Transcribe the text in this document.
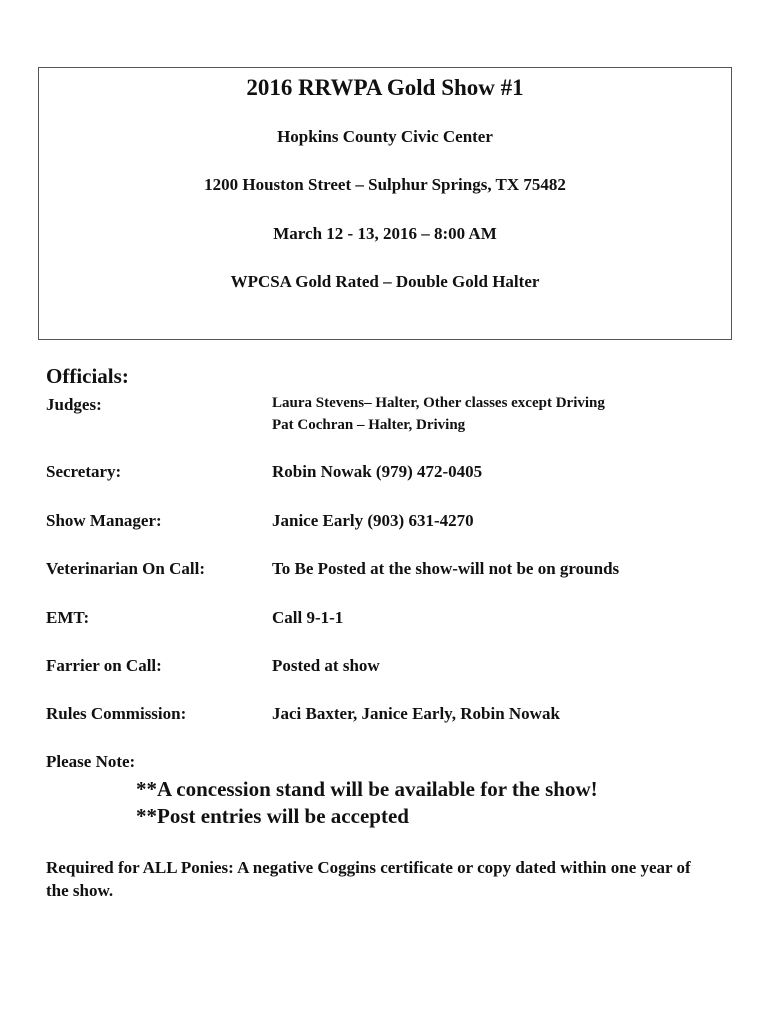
2016 RRWPA Gold Show #1
Hopkins County Civic Center
1200 Houston Street – Sulphur Springs, TX 75482
March 12 - 13, 2016 – 8:00 AM
WPCSA Gold Rated – Double Gold Halter
Officials:
Judges:	Laura Stevens– Halter, Other classes except Driving
Pat Cochran – Halter, Driving
Secretary:	Robin Nowak (979) 472-0405
Show Manager:	Janice Early (903) 631-4270
Veterinarian On Call:	To Be Posted at the show-will not be on grounds
EMT:	Call 9-1-1
Farrier on Call:	Posted at show
Rules Commission:	Jaci Baxter, Janice Early, Robin Nowak
Please Note:
**A concession stand will be available for the show!
**Post entries will be accepted
Required for ALL Ponies: A negative Coggins certificate or copy dated within one year of the show.
